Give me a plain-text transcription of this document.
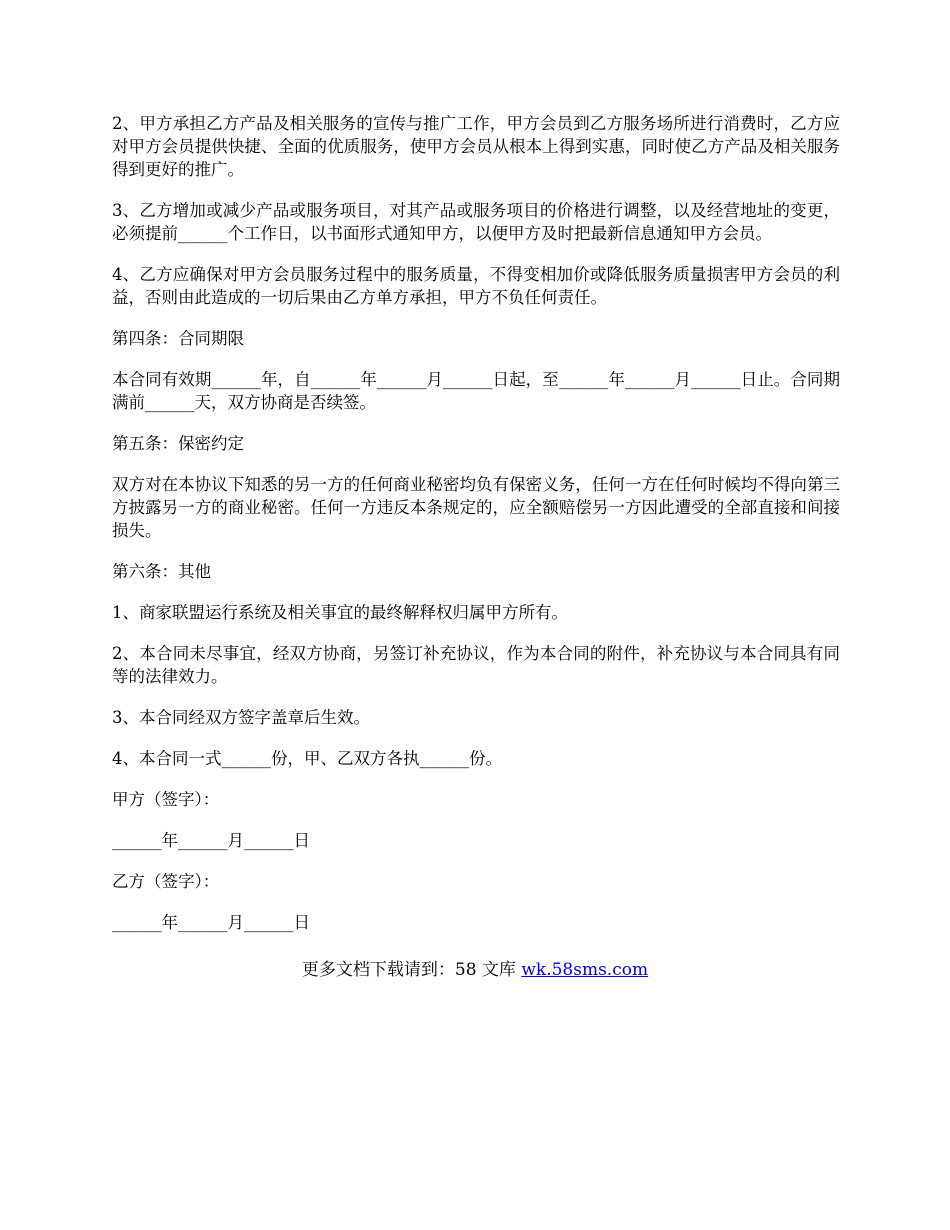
2、甲方承担乙方产品及相关服务的宣传与推广工作，甲方会员到乙方服务场所进行消费时，乙方应对甲方会员提供快捷、全面的优质服务，使甲方会员从根本上得到实惠，同时使乙方产品及相关服务得到更好的推广。

3、乙方增加或减少产品或服务项目，对其产品或服务项目的价格进行调整，以及经营地址的变更，必须提前______个工作日，以书面形式通知甲方，以便甲方及时把最新信息通知甲方会员。

4、乙方应确保对甲方会员服务过程中的服务质量，不得变相加价或降低服务质量损害甲方会员的利益，否则由此造成的一切后果由乙方单方承担，甲方不负任何责任。

第四条：合同期限

本合同有效期______年，自______年______月______日起，至______年______月______日止。合同期满前______天，双方协商是否续签。

第五条：保密约定

双方对在本协议下知悉的另一方的任何商业秘密均负有保密义务，任何一方在任何时候均不得向第三方披露另一方的商业秘密。任何一方违反本条规定的，应全额赔偿另一方因此遭受的全部直接和间接损失。

第六条：其他

1、商家联盟运行系统及相关事宜的最终解释权归属甲方所有。

2、本合同未尽事宜，经双方协商，另签订补充协议，作为本合同的附件，补充协议与本合同具有同等的法律效力。

3、本合同经双方签字盖章后生效。

4、本合同一式______份，甲、乙双方各执______份。

甲方（签字）：

______年______月______日

乙方（签字）：

______年______月______日

更多文档下载请到：58 文库 wk.58sms.com
